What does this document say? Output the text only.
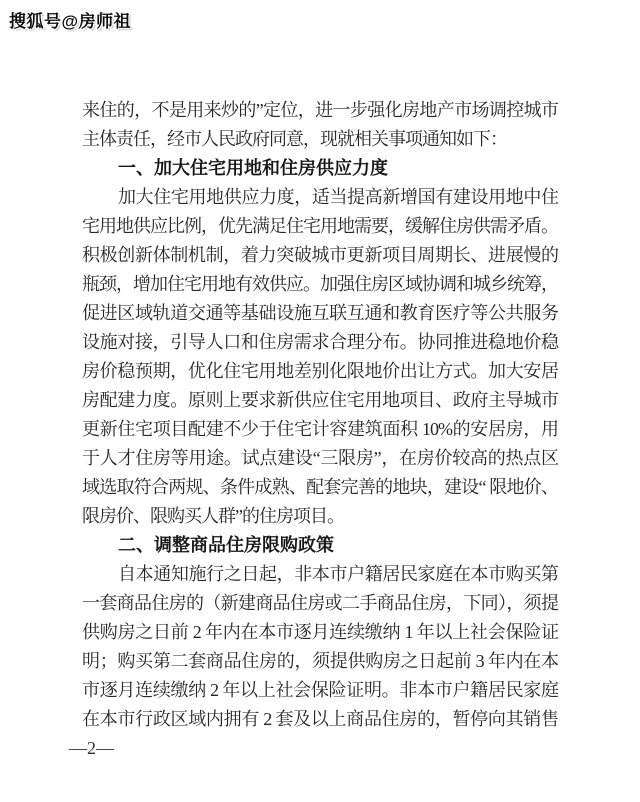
搜狐号@房师祖
来住的，不是用来炒的”定位，进一步强化房地产市场调控城市
主体责任，经市人民政府同意，现就相关事项通知如下：
一、加大住宅用地和住房供应力度
加大住宅用地供应力度，适当提高新增国有建设用地中住
宅用地供应比例，优先满足住宅用地需要，缓解住房供需矛盾。
积极创新体制机制，着力突破城市更新项目周期长、进展慢的
瓶颈，增加住宅用地有效供应。加强住房区域协调和城乡统筹，
促进区域轨道交通等基础设施互联互通和教育医疗等公共服务
设施对接，引导人口和住房需求合理分布。协同推进稳地价稳
房价稳预期，优化住宅用地差别化限地价出让方式。加大安居
房配建力度。原则上要求新供应住宅用地项目、政府主导城市
更新住宅项目配建不少于住宅计容建筑面积 10%的安居房，用
于人才住房等用途。试点建设“三限房”，在房价较高的热点区
域选取符合两规、条件成熟、配套完善的地块，建设“ 限地价、
限房价、限购买人群”的住房项目。
二、调整商品住房限购政策
自本通知施行之日起，非本市户籍居民家庭在本市购买第
一套商品住房的（新建商品住房或二手商品住房，下同），须提
供购房之日前 2 年内在本市逐月连续缴纳 1 年以上社会保险证
明；购买第二套商品住房的，须提供购房之日起前 3 年内在本
市逐月连续缴纳 2 年以上社会保险证明。非本市户籍居民家庭
在本市行政区域内拥有 2 套及以上商品住房的，暂停向其销售
—2—
